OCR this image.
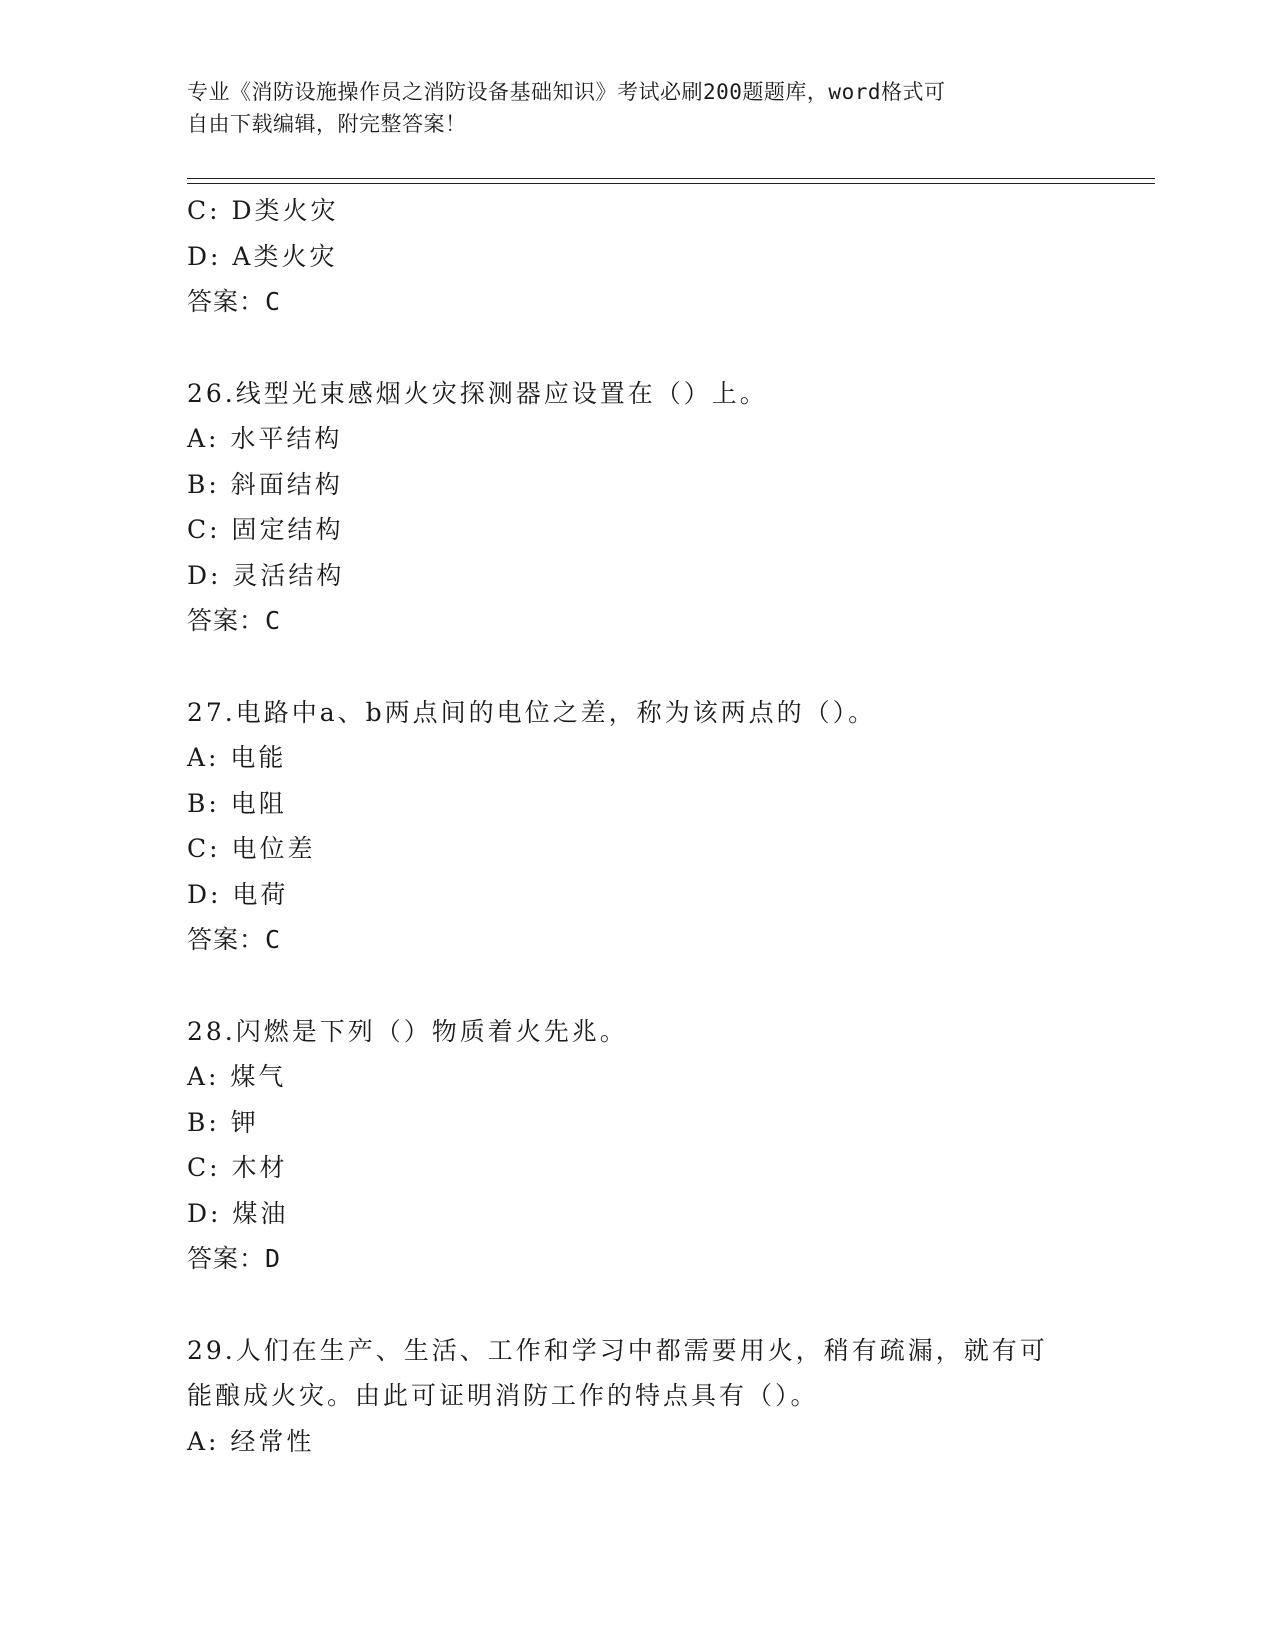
专业《消防设施操作员之消防设备基础知识》考试必刷200题题库，word格式可
自由下载编辑，附完整答案！
C: D类火灾
D: A类火灾
答案：C
26.线型光束感烟火灾探测器应设置在（）上。
A: 水平结构
B: 斜面结构
C: 固定结构
D: 灵活结构
答案：C
27.电路中a、b两点间的电位之差，称为该两点的（）。
A: 电能
B: 电阻
C: 电位差
D: 电荷
答案：C
28.闪燃是下列（）物质着火先兆。
A: 煤气
B: 钾
C: 木材
D: 煤油
答案：D
29.人们在生产、生活、工作和学习中都需要用火，稍有疏漏，就有可
能酿成火灾。由此可证明消防工作的特点具有（）。
A: 经常性
